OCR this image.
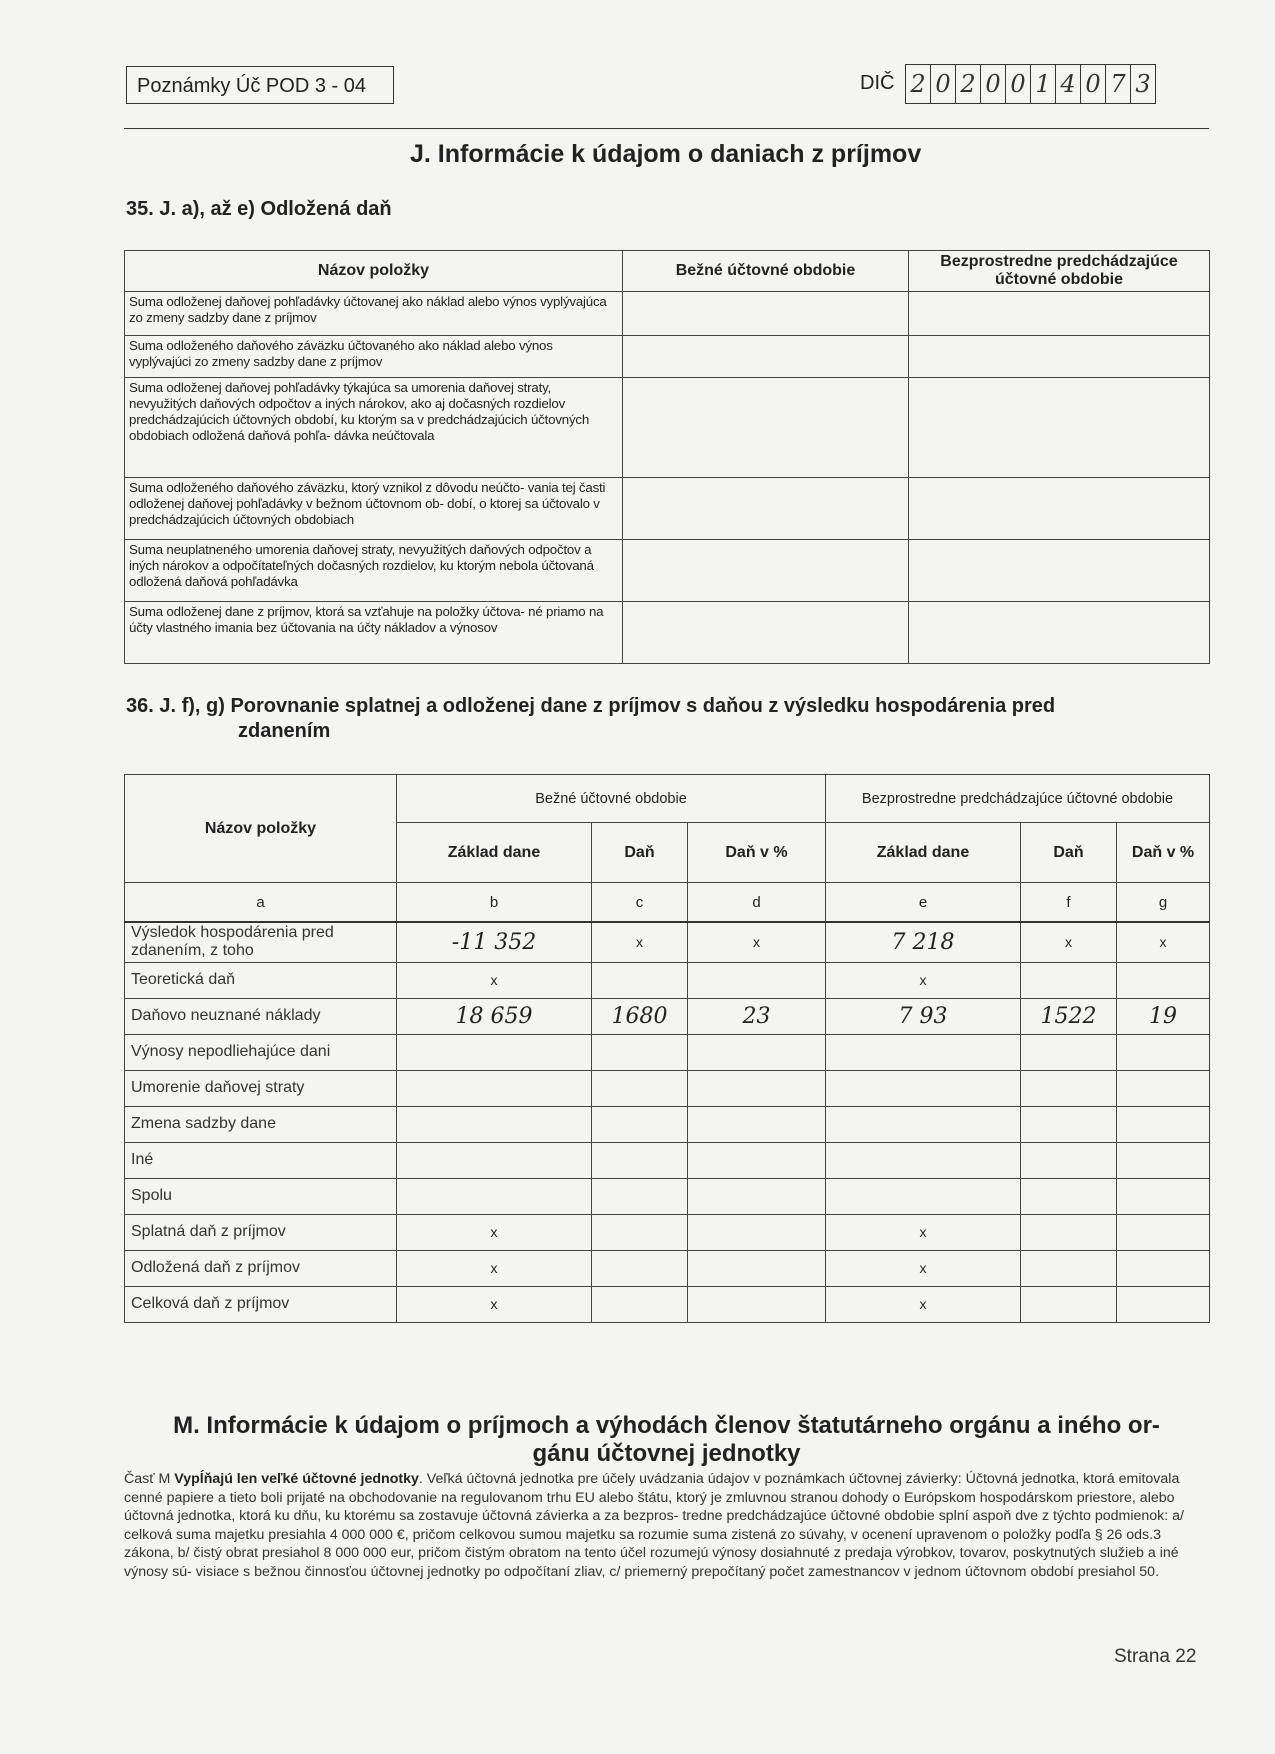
Poznámky Úč POD 3 - 04	DIČ 2 0 2 0 0 1 4 0 7 3
J. Informácie k údajom o daniach z príjmov
35. J. a), až e) Odložená daň
Názov položky	Bežné účtovné obdobie	Bezprostredne predchádzajúce účtovné obdobie
Suma odloženej daňovej pohľadávky účtovanej ako náklad alebo výnos vyplývajúca zo zmeny sadzby dane z príjmov		
Suma odloženého daňového záväzku účtovaného ako náklad alebo výnos vyplývajúci zo zmeny sadzby dane z príjmov		
Suma odloženej daňovej pohľadávky týkajúca sa umorenia daňovej straty, nevyužitých daňových odpočtov a iných nárokov, ako aj dočasných rozdielov predchádzajúcich účtovných období, ku ktorým sa v predchádzajúcich účtovných obdobiach odložená daňová pohľa- dávka neúčtovala		
Suma odloženého daňového záväzku, ktorý vznikol z dôvodu neúčto- vania tej časti odloženej daňovej pohľadávky v bežnom účtovnom ob- dobí, o ktorej sa účtovalo v predchádzajúcich účtovných obdobiach		
Suma neuplatneného umorenia daňovej straty, nevyužitých daňových odpočtov a iných nárokov a odpočítateľných dočasných rozdielov, ku ktorým nebola účtovaná odložená daňová pohľadávka		
Suma odloženej dane z príjmov, ktorá sa vzťahuje na položky účtova- né priamo na účty vlastného imania bez účtovania na účty nákladov a výnosov		
36. J. f), g) Porovnanie splatnej a odloženej dane z príjmov s daňou z výsledku hospodárenia pred
zdanením
Názov položky	Bežné účtovné obdobie			Bezprostredne predchádzajúce účtovné obdobie		
	Základ dane	Daň	Daň v %	Základ dane	Daň	Daň v %
a	b	c	d	e	f	g
Výsledok hospodárenia pred zdanením, z toho	-11 352	x	x	7 218	x	x
Teoretická daň	x			x		
Daňovo neuznané náklady	18 659	1680	23	7 93	1522	19
Výnosy nepodliehajúce dani						
Umorenie daňovej straty						
Zmena sadzby dane						
Iné						
Spolu						
Splatná daň z príjmov	x			x		
Odložená daň z príjmov	x			x		
Celková daň z príjmov	x			x		
M. Informácie k údajom o príjmoch a výhodách členov štatutárneho orgánu a iného or-
gánu účtovnej jednotky
Časť M Vypĺňajú len veľké účtovné jednotky. Veľká účtovná jednotka pre účely uvádzania údajov v poznámkach účtovnej závierky: Účtovná jednotka, ktorá emitovala cenné papiere a tieto boli prijaté na obchodovanie na regulovanom trhu EU alebo štátu, ktorý je zmluvnou stranou dohody o Európskom hospodárskom priestore, alebo účtovná jednotka, ktorá ku dňu, ku ktorému sa zostavuje účtovná závierka a za bezpros- tredne predchádzajúce účtovné obdobie splní aspoň dve z týchto podmienok: a/ celková suma majetku presiahla 4 000 000 €, pričom celkovou sumou majetku sa rozumie suma zistená zo súvahy, v ocenení upravenom o položky podľa § 26 ods.3 zákona, b/ čistý obrat presiahol 8 000 000 eur, pričom čistým obratom na tento účel rozumejú výnosy dosiahnuté z predaja výrobkov, tovarov, poskytnutých služieb a iné výnosy sú- visiace s bežnou činnosťou účtovnej jednotky po odpočítaní zliav, c/ priemerný prepočítaný počet zamestnancov v jednom účtovnom období presiahol 50.
Strana 22
